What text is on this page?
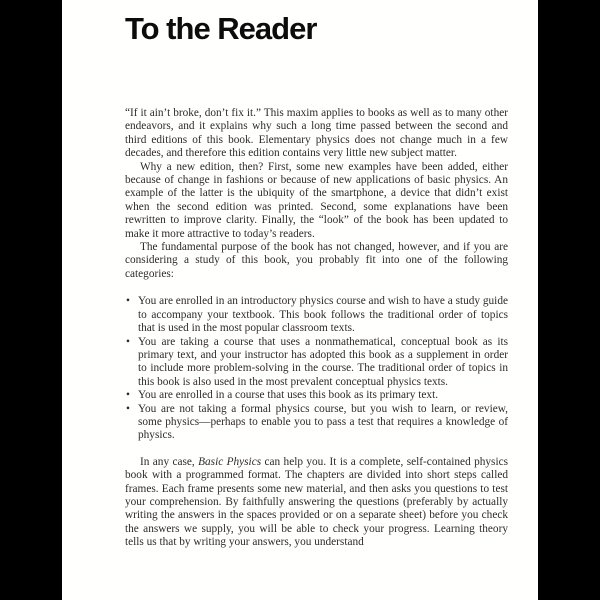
To the Reader

“If it ain’t broke, don’t fix it.” This maxim applies to books as well as to many other endeavors, and it explains why such a long time passed between the second and third editions of this book. Elementary physics does not change much in a few decades, and therefore this edition contains very little new subject matter.

Why a new edition, then? First, some new examples have been added, either because of change in fashions or because of new applications of basic physics. An example of the latter is the ubiquity of the smartphone, a device that didn’t exist when the second edition was printed. Second, some explanations have been rewritten to improve clarity. Finally, the “look” of the book has been updated to make it more attractive to today’s readers.

The fundamental purpose of the book has not changed, however, and if you are considering a study of this book, you probably fit into one of the following categories:

• You are enrolled in an introductory physics course and wish to have a study guide to accompany your textbook. This book follows the traditional order of topics that is used in the most popular classroom texts.
• You are taking a course that uses a nonmathematical, conceptual book as its primary text, and your instructor has adopted this book as a supplement in order to include more problem-solving in the course. The traditional order of topics in this book is also used in the most prevalent conceptual physics texts.
• You are enrolled in a course that uses this book as its primary text.
• You are not taking a formal physics course, but you wish to learn, or review, some physics—perhaps to enable you to pass a test that requires a knowledge of physics.

In any case, Basic Physics can help you. It is a complete, self-contained physics book with a programmed format. The chapters are divided into short steps called frames. Each frame presents some new material, and then asks you questions to test your comprehension. By faithfully answering the questions (preferably by actually writing the answers in the spaces provided or on a separate sheet) before you check the answers we supply, you will be able to check your progress. Learning theory tells us that by writing your answers, you understand
